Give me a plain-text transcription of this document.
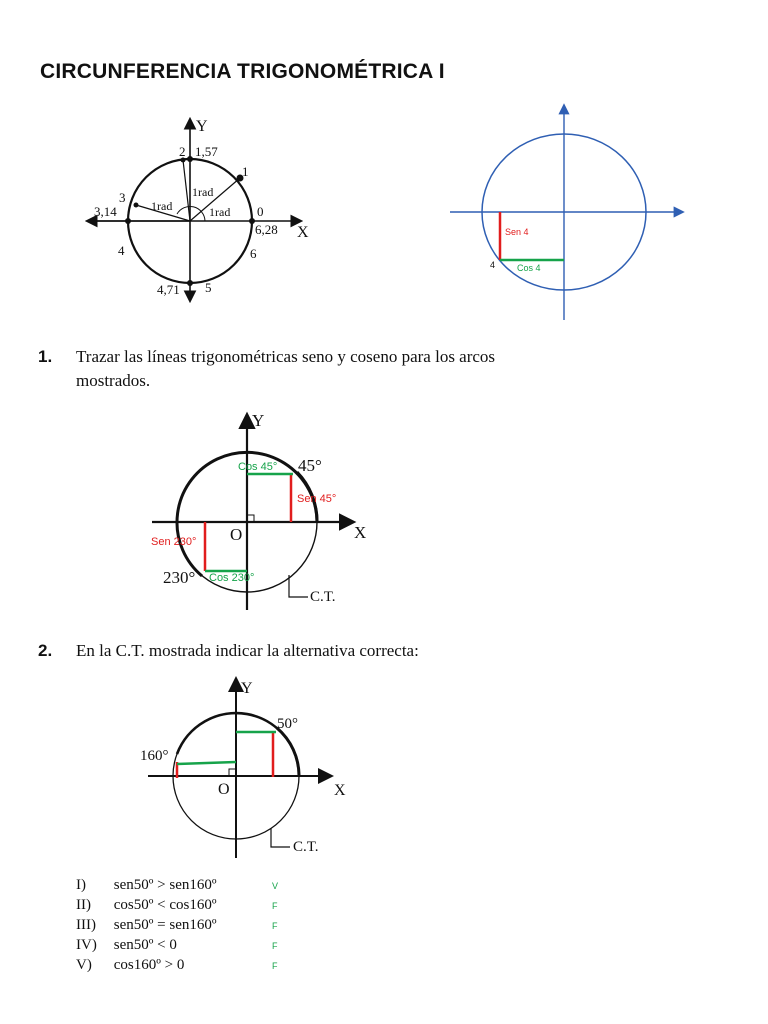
CIRCUNFERENCIA TRIGONOMÉTRICA I
Y
X
1,57
2
1
3
3,14	0
6,28
4	6
4,71 5
1rad
1rad	1rad
4
Sen 4
Cos 4
Y
X
O
45°
230°
C.T.
Cos 45°
Sen 45°
Sen 230°
Cos 230°
Y
X
O
50°
160°
C.T.
1. Trazar las líneas trigonométricas seno y coseno para los arcos mostrados.
2. En la C.T. mostrada indicar la alternativa correcta:
I) sen50º > sen160º	V
II) cos50º < cos160º	F
III) sen50º = sen160º	F
IV) sen50º < 0	F
V) cos160º > 0	F
